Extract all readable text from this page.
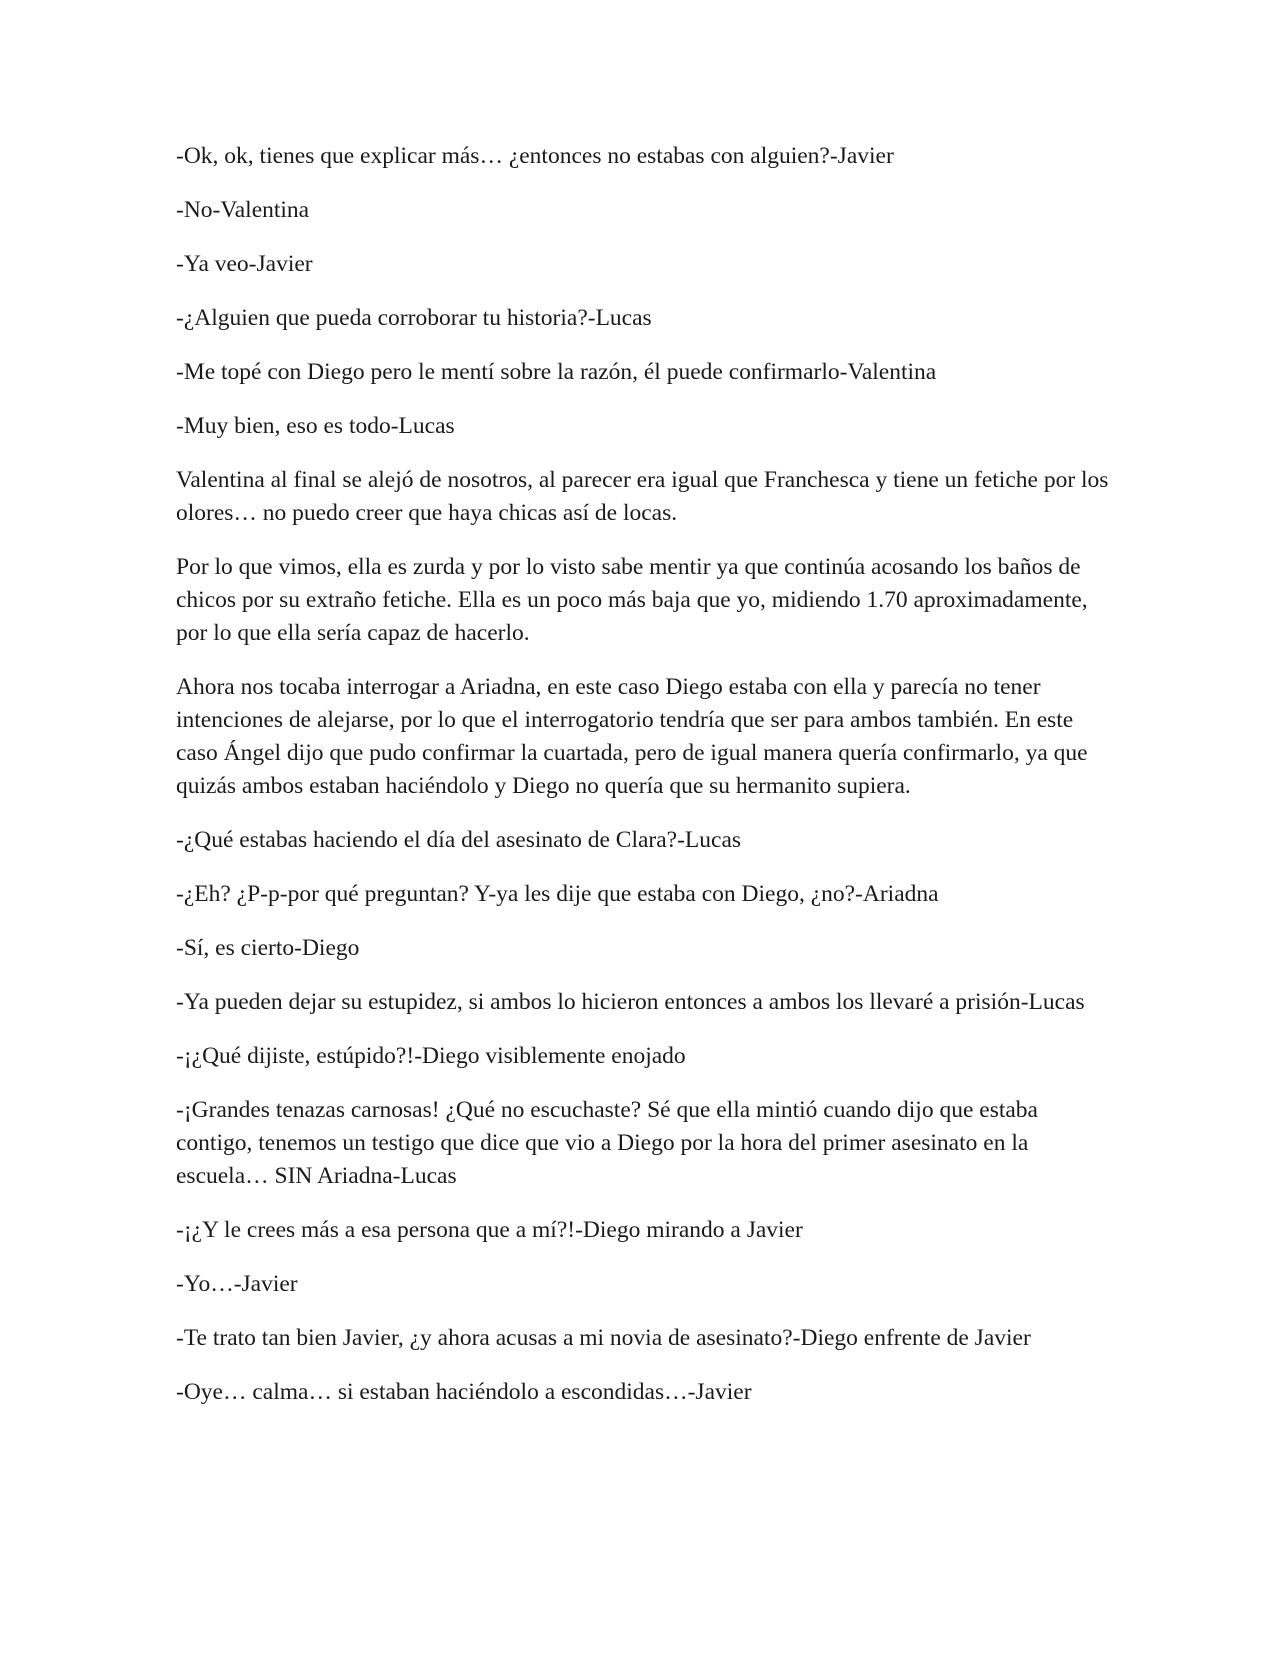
-Ok, ok, tienes que explicar más… ¿entonces no estabas con alguien?-Javier

-No-Valentina

-Ya veo-Javier

-¿Alguien que pueda corroborar tu historia?-Lucas

-Me topé con Diego pero le mentí sobre la razón, él puede confirmarlo-Valentina

-Muy bien, eso es todo-Lucas

Valentina al final se alejó de nosotros, al parecer era igual que Franchesca y tiene un fetiche por los olores… no puedo creer que haya chicas así de locas.

Por lo que vimos, ella es zurda y por lo visto sabe mentir ya que continúa acosando los baños de chicos por su extraño fetiche. Ella es un poco más baja que yo, midiendo 1.70 aproximadamente, por lo que ella sería capaz de hacerlo.

Ahora nos tocaba interrogar a Ariadna, en este caso Diego estaba con ella y parecía no tener intenciones de alejarse, por lo que el interrogatorio tendría que ser para ambos también. En este caso Ángel dijo que pudo confirmar la cuartada, pero de igual manera quería confirmarlo, ya que quizás ambos estaban haciéndolo y Diego no quería que su hermanito supiera.

-¿Qué estabas haciendo el día del asesinato de Clara?-Lucas

-¿Eh? ¿P-p-por qué preguntan? Y-ya les dije que estaba con Diego, ¿no?-Ariadna

-Sí, es cierto-Diego

-Ya pueden dejar su estupidez, si ambos lo hicieron entonces a ambos los llevaré a prisión-Lucas

-¡¿Qué dijiste, estúpido?!-Diego visiblemente enojado

-¡Grandes tenazas carnosas! ¿Qué no escuchaste? Sé que ella mintió cuando dijo que estaba contigo, tenemos un testigo que dice que vio a Diego por la hora del primer asesinato en la escuela… SIN Ariadna-Lucas

-¡¿Y le crees más a esa persona que a mí?!-Diego mirando a Javier

-Yo…-Javier

-Te trato tan bien Javier, ¿y ahora acusas a mi novia de asesinato?-Diego enfrente de Javier

-Oye… calma… si estaban haciéndolo a escondidas…-Javier
